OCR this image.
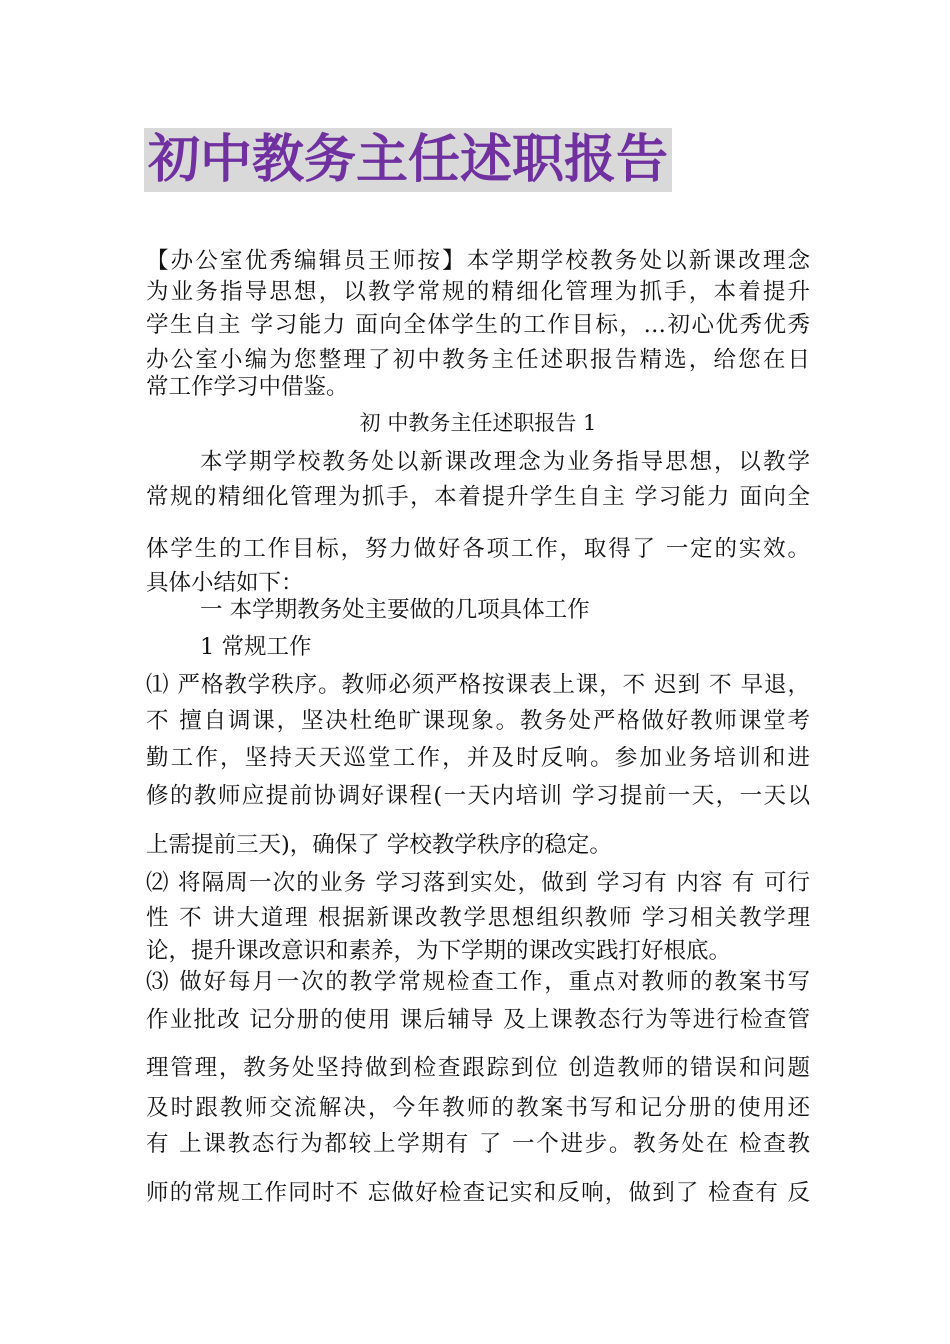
初中教务主任述职报告
【办公室优秀编辑员王师按】本学期学校教务处以新课改理念
为业务指导思想，以教学常规的精细化管理为抓手，本着提升
学生自主 学习能力 面向全体学生的工作目标，…初心优秀优秀
办公室小编为您整理了初中教务主任述职报告精选，给您在日
常工作学习中借鉴。
初 中教务主任述职报告 1
本学期学校教务处以新课改理念为业务指导思想，以教学
常规的精细化管理为抓手，本着提升学生自主 学习能力 面向全
体学生的工作目标，努力做好各项工作，取得了 一定的实效。
具体小结如下：
一 本学期教务处主要做的几项具体工作
1 常规工作
⑴ 严格教学秩序。教师必须严格按课表上课，不 迟到 不 早退，
不 擅自调课，坚决杜绝旷课现象。教务处严格做好教师课堂考
勤工作，坚持天天巡堂工作，并及时反响。参加业务培训和进
修的教师应提前协调好课程(一天内培训 学习提前一天，一天以
上需提前三天)，确保了 学校教学秩序的稳定。
⑵ 将隔周一次的业务 学习落到实处，做到 学习有 内容 有 可行
性 不 讲大道理 根据新课改教学思想组织教师 学习相关教学理
论，提升课改意识和素养，为下学期的课改实践打好根底。
⑶ 做好每月一次的教学常规检查工作，重点对教师的教案书写
作业批改 记分册的使用 课后辅导 及上课教态行为等进行检查管
理管理，教务处坚持做到检查跟踪到位 创造教师的错误和问题
及时跟教师交流解决，今年教师的教案书写和记分册的使用还
有 上课教态行为都较上学期有 了 一个进步。教务处在 检查教
师的常规工作同时不 忘做好检查记实和反响，做到了 检查有 反
